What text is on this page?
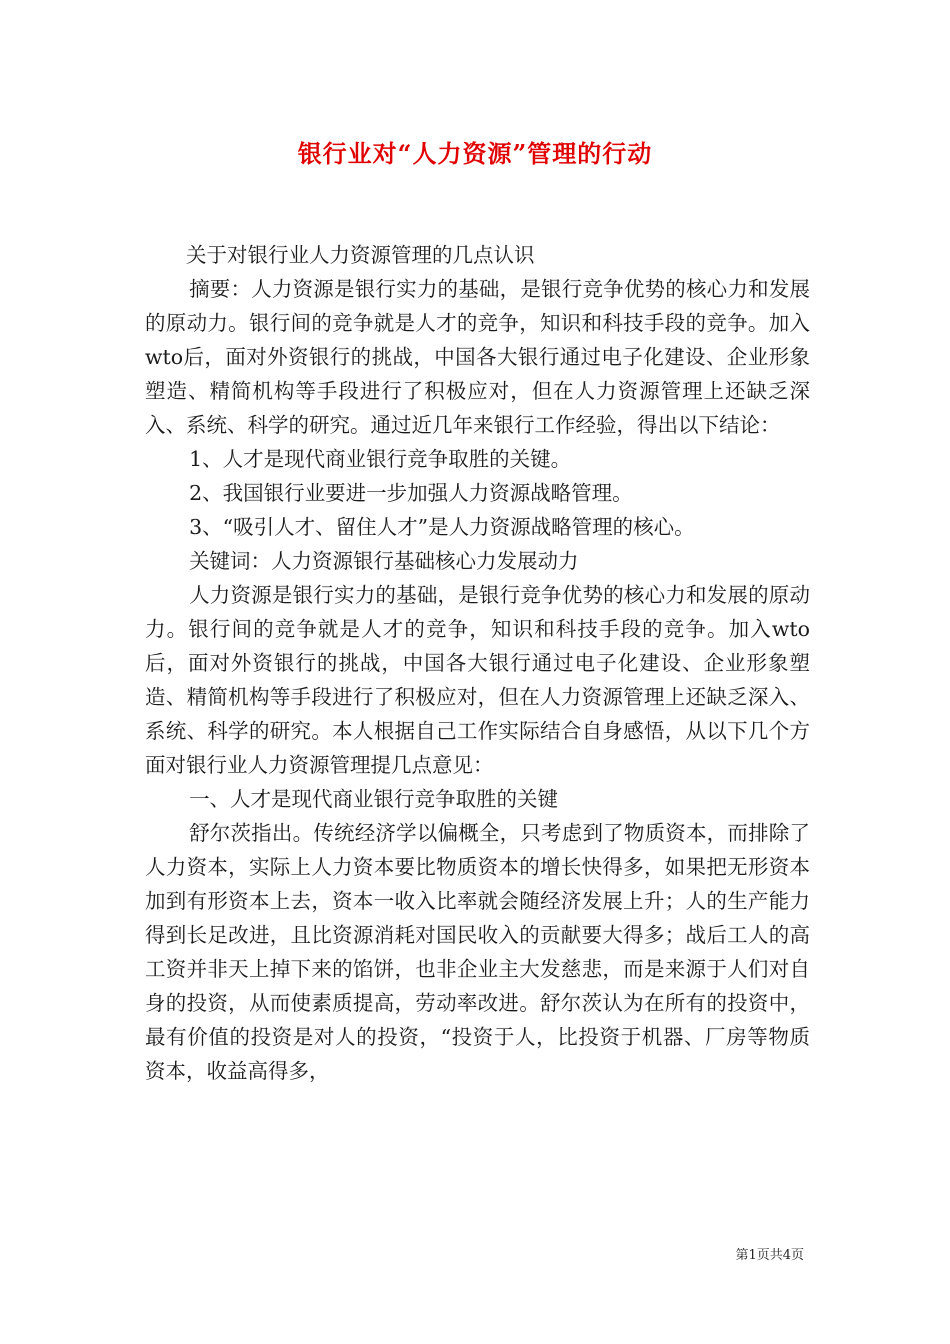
银行业对“人力资源”管理的行动

关于对银行业人力资源管理的几点认识

摘要：人力资源是银行实力的基础，是银行竞争优势的核心力和发展的原动力。银行间的竞争就是人才的竞争，知识和科技手段的竞争。加入wto后，面对外资银行的挑战，中国各大银行通过电子化建设、企业形象塑造、精简机构等手段进行了积极应对，但在人力资源管理上还缺乏深入、系统、科学的研究。通过近几年来银行工作经验，得出以下结论：

1、人才是现代商业银行竞争取胜的关键。

2、我国银行业要进一步加强人力资源战略管理。

3、“吸引人才、留住人才”是人力资源战略管理的核心。

关键词：人力资源银行基础核心力发展动力

人力资源是银行实力的基础，是银行竞争优势的核心力和发展的原动力。银行间的竞争就是人才的竞争，知识和科技手段的竞争。加入wto后，面对外资银行的挑战，中国各大银行通过电子化建设、企业形象塑造、精简机构等手段进行了积极应对，但在人力资源管理上还缺乏深入、系统、科学的研究。本人根据自己工作实际结合自身感悟，从以下几个方面对银行业人力资源管理提几点意见：

一、人才是现代商业银行竞争取胜的关键

舒尔茨指出。传统经济学以偏概全，只考虑到了物质资本，而排除了人力资本，实际上人力资本要比物质资本的增长快得多，如果把无形资本加到有形资本上去，资本一收入比率就会随经济发展上升；人的生产能力得到长足改进，且比资源消耗对国民收入的贡献要大得多；战后工人的高工资并非天上掉下来的馅饼，也非企业主大发慈悲，而是来源于人们对自身的投资，从而使素质提高，劳动率改进。舒尔茨认为在所有的投资中，最有价值的投资是对人的投资，“投资于人，比投资于机器、厂房等物质资本，收益高得多，

第1页共4页
